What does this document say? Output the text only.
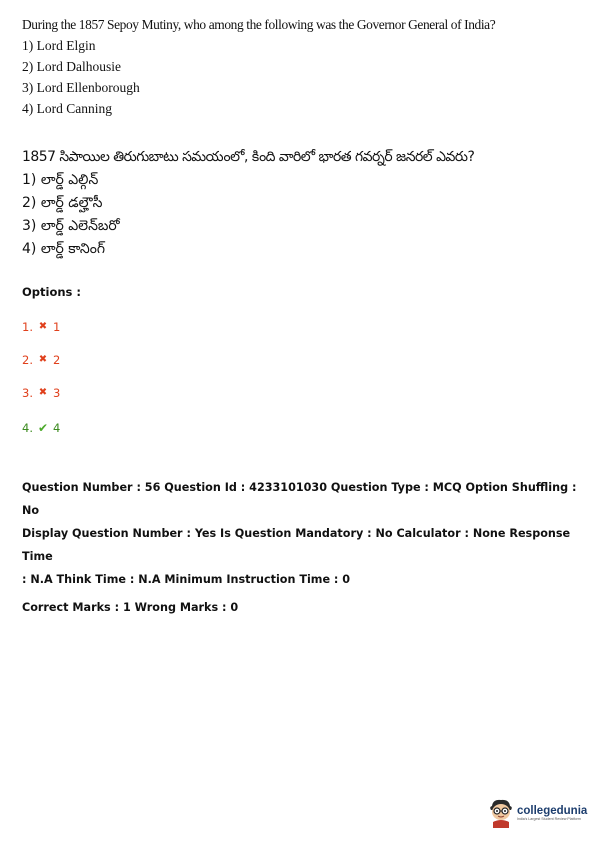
During the 1857 Sepoy Mutiny, who among the following was the Governor General of India?
1) Lord Elgin
2) Lord Dalhousie
3) Lord Ellenborough
4) Lord Canning
1857 సిపాయిల తిరుగుబాటు సమయంలో, కింది వారిలో భారత గవర్నర్ జనరల్ ఎవరు?
1) లార్డ్ ఎల్గిన్
2) లార్డ్ డల్హౌసీ
3) లార్డ్ ఎలెన్‌బరో
4) లార్డ్ కానింగ్
Options :
1. ✖ 1
2. ✖ 2
3. ✖ 3
4. ✔ 4
Question Number : 56 Question Id : 4233101030 Question Type : MCQ Option Shuffling : No
Display Question Number : Yes Is Question Mandatory : No Calculator : None Response Time
: N.A Think Time : N.A Minimum Instruction Time : 0
Correct Marks : 1 Wrong Marks : 0
collegedunia
India's Largest Student Review Platform
